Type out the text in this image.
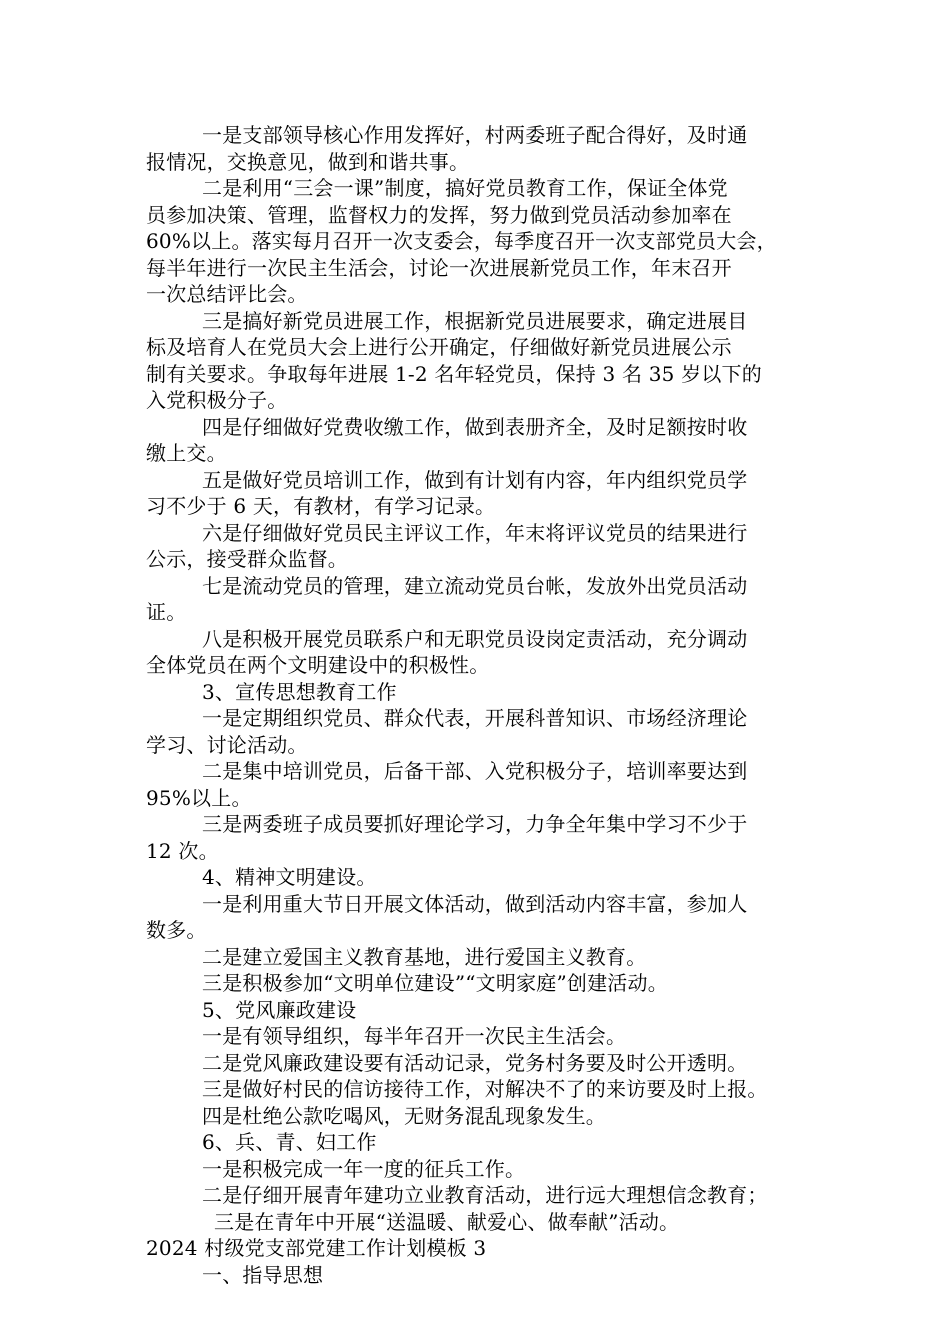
一是支部领导核心作用发挥好，村两委班子配合得好，及时通
报情况，交换意见，做到和谐共事。
二是利用“三会一课”制度，搞好党员教育工作，保证全体党
员参加决策、管理，监督权力的发挥，努力做到党员活动参加率在
60%以上。落实每月召开一次支委会，每季度召开一次支部党员大会，
每半年进行一次民主生活会，讨论一次进展新党员工作，年末召开
一次总结评比会。
三是搞好新党员进展工作，根据新党员进展要求，确定进展目
标及培育人在党员大会上进行公开确定，仔细做好新党员进展公示
制有关要求。争取每年进展 1-2 名年轻党员，保持 3 名 35 岁以下的
入党积极分子。
四是仔细做好党费收缴工作，做到表册齐全，及时足额按时收
缴上交。
五是做好党员培训工作，做到有计划有内容，年内组织党员学
习不少于 6 天，有教材，有学习记录。
六是仔细做好党员民主评议工作，年末将评议党员的结果进行
公示，接受群众监督。
七是流动党员的管理，建立流动党员台帐，发放外出党员活动
证。
八是积极开展党员联系户和无职党员设岗定责活动，充分调动
全体党员在两个文明建设中的积极性。
3、宣传思想教育工作
一是定期组织党员、群众代表，开展科普知识、市场经济理论
学习、讨论活动。
二是集中培训党员，后备干部、入党积极分子，培训率要达到
95%以上。
三是两委班子成员要抓好理论学习，力争全年集中学习不少于
12 次。
4、精神文明建设。
一是利用重大节日开展文体活动，做到活动内容丰富，参加人
数多。
二是建立爱国主义教育基地，进行爱国主义教育。
三是积极参加“文明单位建设”“文明家庭”创建活动。
5、党风廉政建设
一是有领导组织，每半年召开一次民主生活会。
二是党风廉政建设要有活动记录，党务村务要及时公开透明。
三是做好村民的信访接待工作，对解决不了的来访要及时上报。
四是杜绝公款吃喝风，无财务混乱现象发生。
6、兵、青、妇工作
一是积极完成一年一度的征兵工作。
二是仔细开展青年建功立业教育活动，进行远大理想信念教育；
三是在青年中开展“送温暖、献爱心、做奉献”活动。
2024 村级党支部党建工作计划模板 3
一、指导思想
